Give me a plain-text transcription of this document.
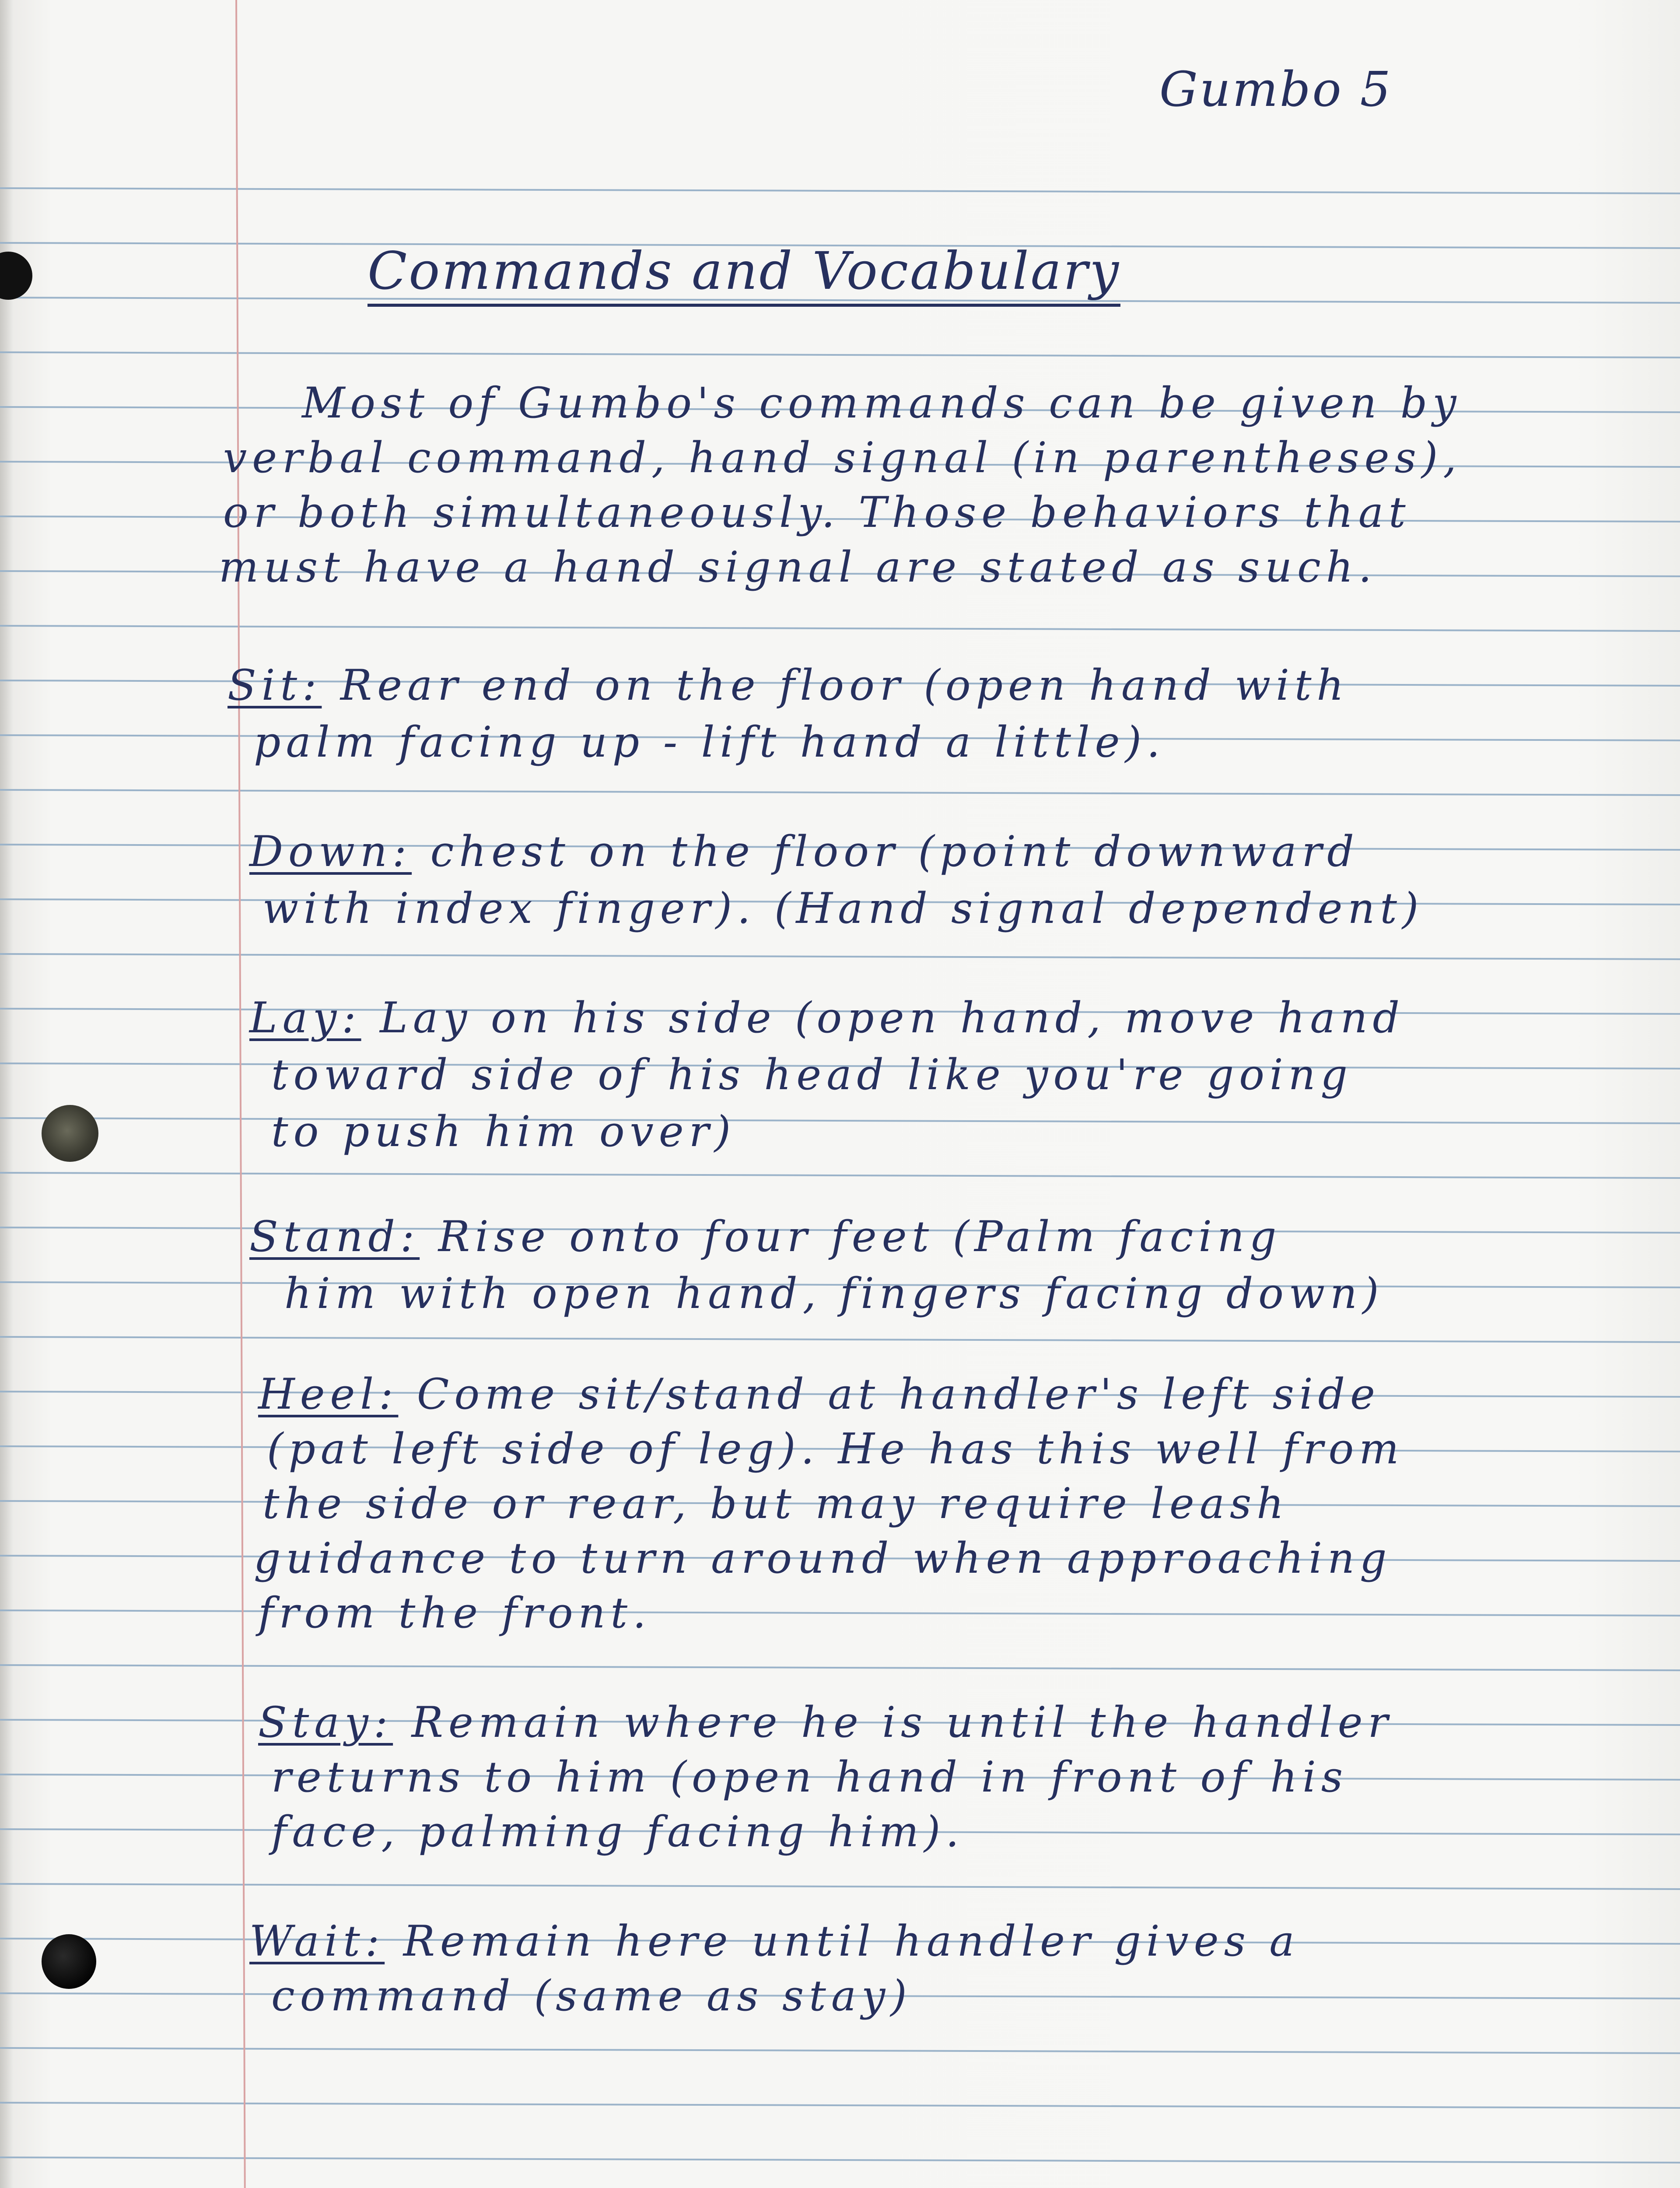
Gumbo 5
Commands and Vocabulary
Most of Gumbo's commands can be given by
verbal command, hand signal (in parentheses),
or both simultaneously. Those behaviors that
must have a hand signal are stated as such.
Sit: Rear end on the floor (open hand with
palm facing up - lift hand a little).
Down: chest on the floor (point downward
with index finger). (Hand signal dependent)
Lay: Lay on his side (open hand, move hand
toward side of his head like you're going
to push him over)
Stand: Rise onto four feet (Palm facing
him with open hand, fingers facing down)
Heel: Come sit/stand at handler's left side
(pat left side of leg). He has this well from
the side or rear, but may require leash
guidance to turn around when approaching
from the front.
Stay: Remain where he is until the handler
returns to him (open hand in front of his
face, palming facing him).
Wait: Remain here until handler gives a
command (same as stay)
